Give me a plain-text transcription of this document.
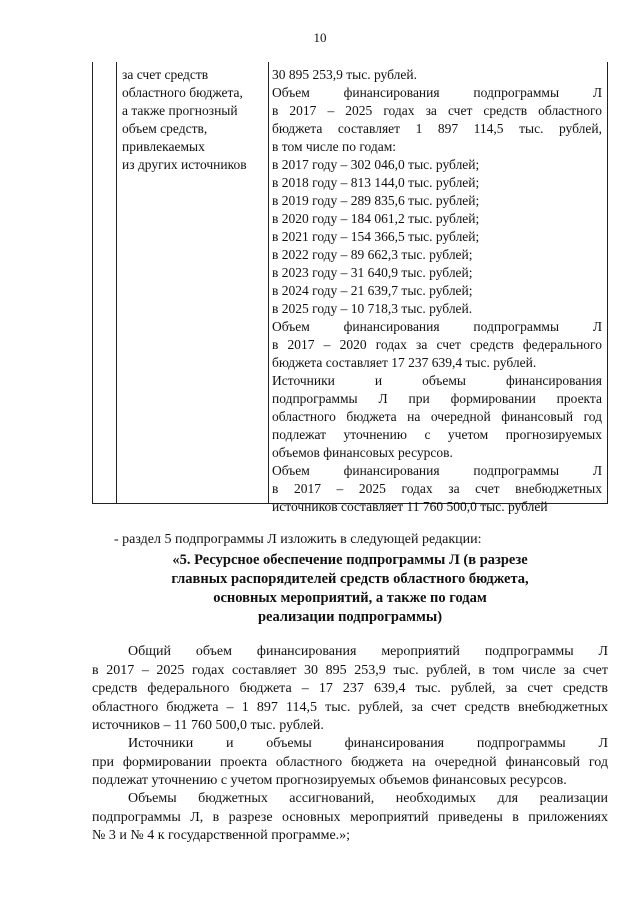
10
за счет средств
областного бюджета,
а также прогнозный
объем средств,
привлекаемых
из других источников
30 895 253,9 тыс. рублей.
Объем финансирования подпрограммы Л
в 2017 – 2025 годах за счет средств областного
бюджета составляет 1 897 114,5 тыс. рублей,
в том числе по годам:
в 2017 году – 302 046,0 тыс. рублей;
в 2018 году – 813 144,0 тыс. рублей;
в 2019 году – 289 835,6 тыс. рублей;
в 2020 году – 184 061,2 тыс. рублей;
в 2021 году – 154 366,5 тыс. рублей;
в 2022 году – 89 662,3 тыс. рублей;
в 2023 году – 31 640,9 тыс. рублей;
в 2024 году – 21 639,7 тыс. рублей;
в 2025 году – 10 718,3 тыс. рублей.
Объем финансирования подпрограммы Л
в 2017 – 2020 годах за счет средств федерального
бюджета составляет 17 237 639,4 тыс. рублей.
Источники и объемы финансирования
подпрограммы Л при формировании проекта
областного бюджета на очередной финансовый год
подлежат уточнению с учетом прогнозируемых
объемов финансовых ресурсов.
Объем финансирования подпрограммы Л
в 2017 – 2025 годах за счет внебюджетных
источников составляет 11 760 500,0 тыс. рублей
- раздел 5 подпрограммы Л изложить в следующей редакции:
«5. Ресурсное обеспечение подпрограммы Л (в разрезе
главных распорядителей средств областного бюджета,
основных мероприятий, а также по годам
реализации подпрограммы)
Общий объем финансирования мероприятий подпрограммы Л
в 2017 – 2025 годах составляет 30 895 253,9 тыс. рублей, в том числе за счет
средств федерального бюджета – 17 237 639,4 тыс. рублей, за счет средств
областного бюджета – 1 897 114,5 тыс. рублей, за счет средств внебюджетных
источников – 11 760 500,0 тыс. рублей.
Источники и объемы финансирования подпрограммы Л
при формировании проекта областного бюджета на очередной финансовый год
подлежат уточнению с учетом прогнозируемых объемов финансовых ресурсов.
Объемы бюджетных ассигнований, необходимых для реализации
подпрограммы Л, в разрезе основных мероприятий приведены в приложениях
№ 3 и № 4 к государственной программе.»;
